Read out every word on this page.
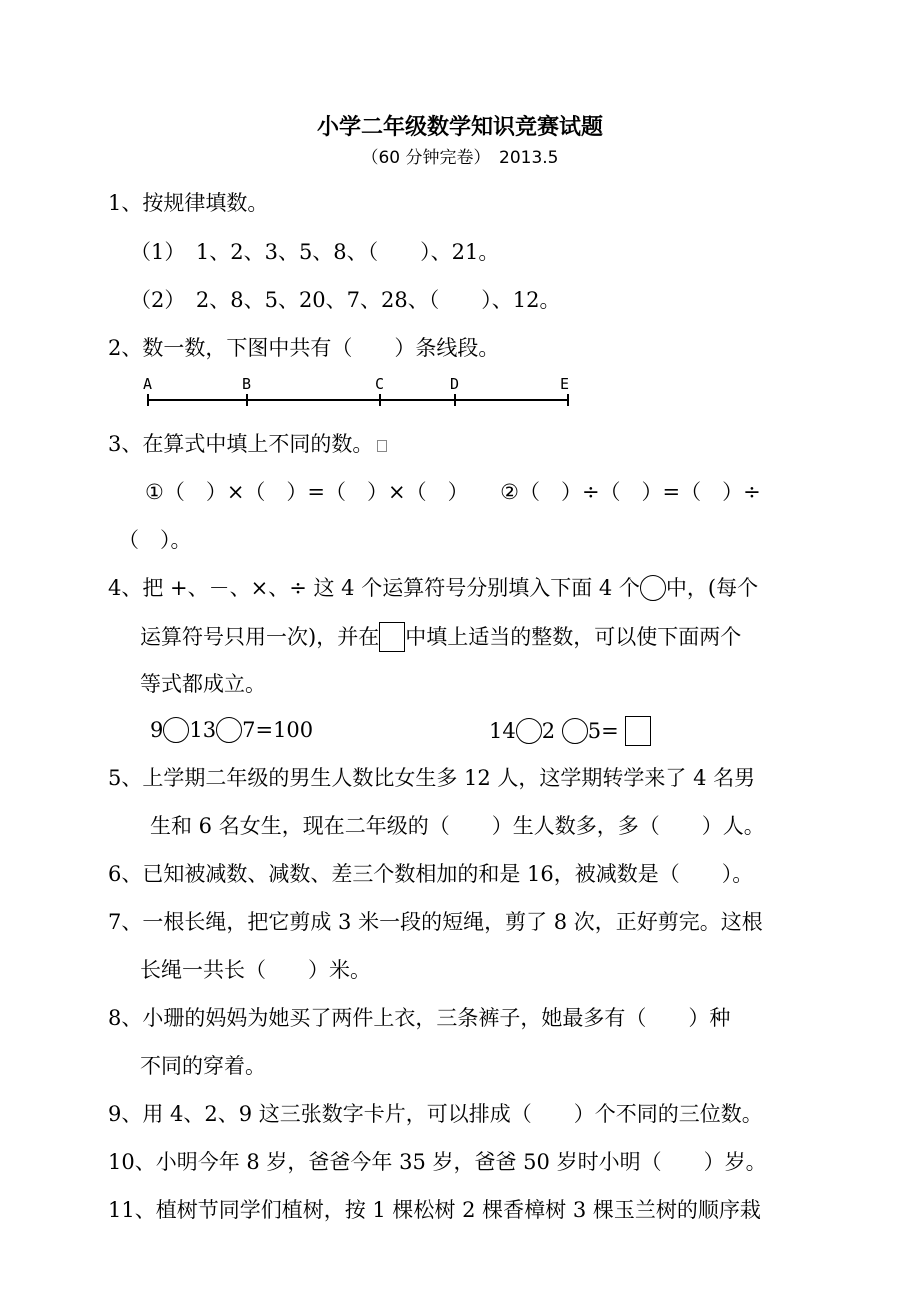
小学二年级数学知识竞赛试题
（60 分钟完卷）　2013.5
1、按规律填数。
（1）　1、2、3、5、8、（　　）、21。
（2）　2、8、5、20、7、28、（　　）、12。
2、数一数，下图中共有（　　）条线段。
A	B	C	D	E
3、在算式中填上不同的数。
①（　）×（　）=（　）×（　）　　②（　）÷（　）=（　）÷
（　）。
4、把 +、－、×、÷ 这 4 个运算符号分别填入下面 4 个 中，(每个
运算符号只用一次)，并在 中填上适当的整数，可以使下面两个
等式都成立。
9 13 7=100	14 2 5=
5、上学期二年级的男生人数比女生多 12 人，这学期转学来了 4 名男
生和 6 名女生，现在二年级的（　　）生人数多，多（　　）人。
6、已知被减数、减数、差三个数相加的和是 16，被减数是（　　）。
7、一根长绳，把它剪成 3 米一段的短绳，剪了 8 次，正好剪完。这根
长绳一共长（　　）米。
8、小珊的妈妈为她买了两件上衣，三条裤子，她最多有（　　）种
不同的穿着。
9、用 4、2、9 这三张数字卡片，可以排成（　　）个不同的三位数。
10、小明今年 8 岁，爸爸今年 35 岁，爸爸 50 岁时小明（　　）岁。
11、植树节同学们植树，按 1 棵松树 2 棵香樟树 3 棵玉兰树的顺序栽
